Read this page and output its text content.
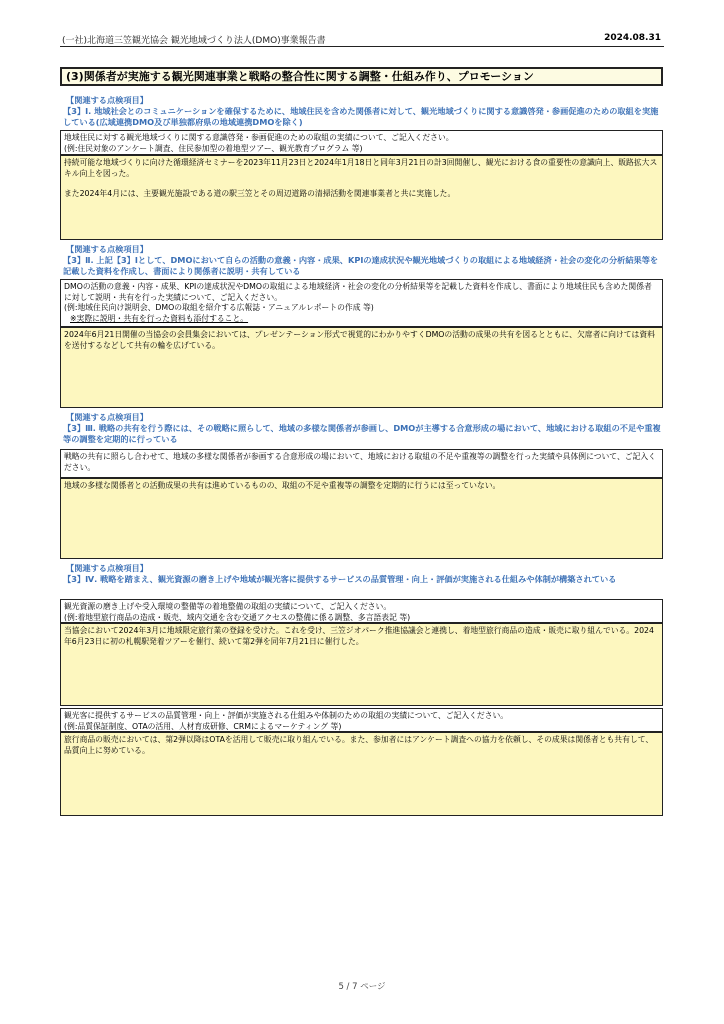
(一社)北海道三笠観光協会 観光地域づくり法人(DMO)事業報告書	2024.08.31
(3)関係者が実施する観光関連事業と戦略の整合性に関する調整・仕組み作り、プロモーション
【関連する点検項目】
【3】Ⅰ. 地域社会とのコミュニケーションを確保するために、地域住民を含めた関係者に対して、観光地域づくりに関する意識啓発・参画促進のための取組を実施している(広域連携DMO及び単独都府県の地域連携DMOを除く)
地域住民に対する観光地域づくりに関する意識啓発・参画促進のための取組の実績について、ご記入ください。
(例:住民対象のアンケート調査、住民参加型の着地型ツアー、観光教育プログラム 等)
持続可能な地域づくりに向けた循環経済セミナーを2023年11月23日と2024年1月18日と同年3月21日の計3回開催し、観光における食の重要性の意識向上、販路拡大スキル向上を図った。
また2024年4月には、主要観光施設である道の駅三笠とその周辺道路の清掃活動を関連事業者と共に実施した。
【関連する点検項目】
【3】Ⅱ. 上記【3】Ⅰとして、DMOにおいて自らの活動の意義・内容・成果、KPIの達成状況や観光地域づくりの取組による地域経済・社会の変化の分析結果等を記載した資料を作成し、書面により関係者に説明・共有している
DMOの活動の意義・内容・成果、KPIの達成状況やDMOの取組による地域経済・社会の変化の分析結果等を記載した資料を作成し、書面により地域住民も含めた関係者に対して説明・共有を行った実績について、ご記入ください。
(例:地域住民向け説明会、DMOの取組を紹介する広報誌・アニュアルレポートの作成 等)
※実際に説明・共有を行った資料も添付すること。
2024年6月21日開催の当協会の会員集会においては、プレゼンテーション形式で視覚的にわかりやすくDMOの活動の成果の共有を図るとともに、欠席者に向けては資料を送付するなどして共有の輪を広げている。
【関連する点検項目】
【3】Ⅲ. 戦略の共有を行う際には、その戦略に照らして、地域の多様な関係者が参画し、DMOが主導する合意形成の場において、地域における取組の不足や重複等の調整を定期的に行っている
戦略の共有に照らし合わせて、地域の多様な関係者が参画する合意形成の場において、地域における取組の不足や重複等の調整を行った実績や具体例について、ご記入ください。
地域の多様な関係者との活動成果の共有は進めているものの、取組の不足や重複等の調整を定期的に行うには至っていない。
【関連する点検項目】
【3】Ⅳ. 戦略を踏まえ、観光資源の磨き上げや地域が観光客に提供するサービスの品質管理・向上・評価が実施される仕組みや体制が構築されている
観光資源の磨き上げや受入環境の整備等の着地整備の取組の実績について、ご記入ください。
(例:着地型旅行商品の造成・販売、域内交通を含む交通アクセスの整備に係る調整、多言語表記 等)
当協会において2024年3月に地域限定旅行業の登録を受けた。これを受け、三笠ジオパーク推進協議会と連携し、着地型旅行商品の造成・販売に取り組んでいる。2024年6月23日に初の札幌駅発着ツアーを催行、続いて第2弾を同年7月21日に催行した。
観光客に提供するサービスの品質管理・向上・評価が実施される仕組みや体制のための取組の実績について、ご記入ください。
(例:品質保証制度、OTAの活用、人材育成研修、CRMによるマーケティング 等)
旅行商品の販売においては、第2弾以降はOTAを活用して販売に取り組んでいる。また、参加者にはアンケート調査への協力を依頼し、その成果は関係者とも共有して、品質向上に努めている。
5 / 7 ページ
